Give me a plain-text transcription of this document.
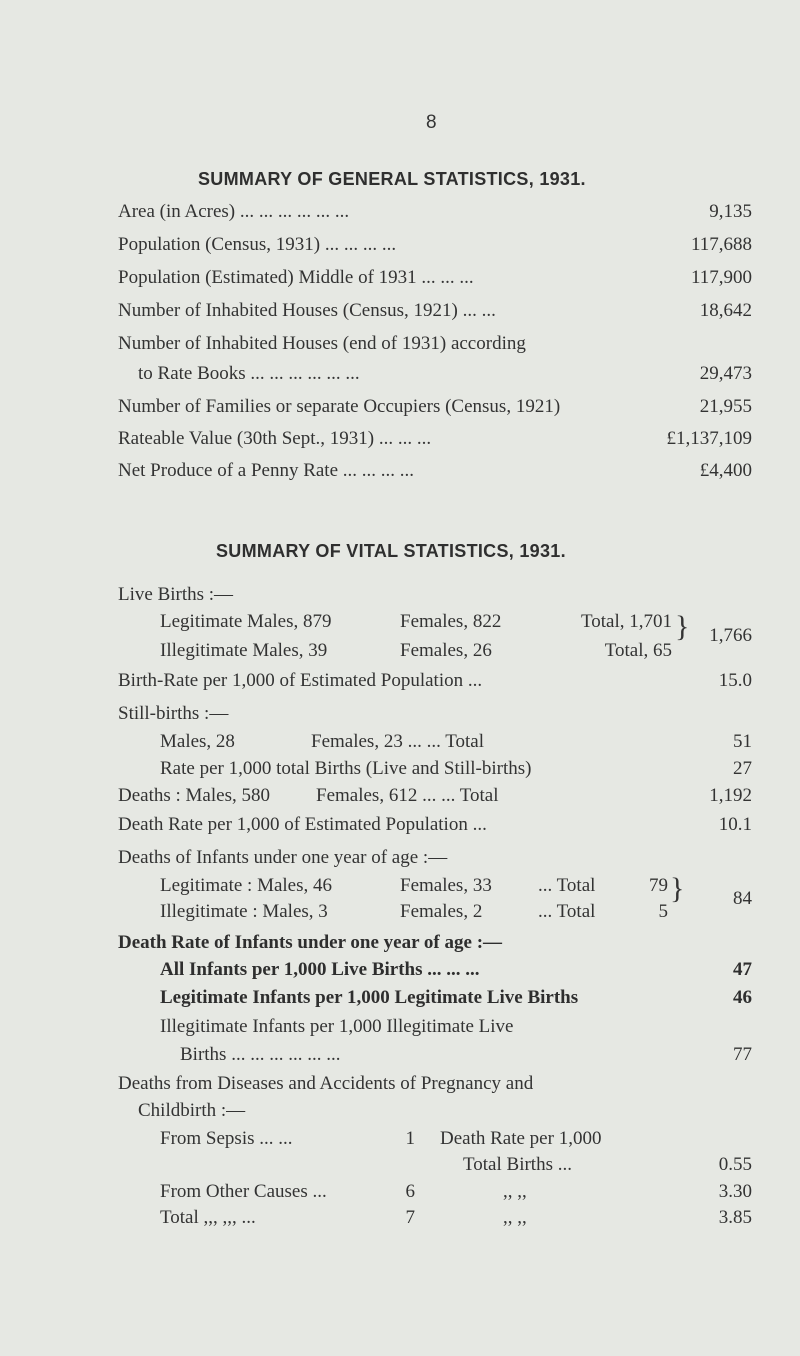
8
SUMMARY OF GENERAL STATISTICS, 1931.
Area (in Acres) ... ... ... ... ... ...	9,135
Population (Census, 1931) ... ... ... ...	117,688
Population (Estimated) Middle of 1931 ... ... ...	117,900
Number of Inhabited Houses (Census, 1921) ... ...	18,642
Number of Inhabited Houses (end of 1931) according
to Rate Books ... ... ... ... ... ...	29,473
Number of Families or separate Occupiers (Census, 1921)	21,955
Rateable Value (30th Sept., 1931) ... ... ...	£1,137,109
Net Produce of a Penny Rate ... ... ... ...	£4,400
SUMMARY OF VITAL STATISTICS, 1931.
Live Births :—
Legitimate Males, 879	Females, 822	Total, 1,701
Illegitimate Males, 39	Females, 26	Total, 65
} 1,766
Birth-Rate per 1,000 of Estimated Population ...	15.0
Still-births :—
Males, 28	Females, 23 ... ... Total	51
Rate per 1,000 total Births (Live and Still-births)	27
Deaths : Males, 580 Females, 612 ... ... Total	1,192
Death Rate per 1,000 of Estimated Population ...	10.1
Deaths of Infants under one year of age :—
Legitimate : Males, 46	Females, 33 ... Total	79
Illegitimate : Males, 3	Females, 2	... Total	5
}	84
Death Rate of Infants under one year of age :—
All Infants per 1,000 Live Births ... ... ...	47
Legitimate Infants per 1,000 Legitimate Live Births	46
Illegitimate Infants per 1,000 Illegitimate Live
Births ... ... ... ... ... ...	77
Deaths from Diseases and Accidents of Pregnancy and
Childbirth :—
From Sepsis ... ...	1 Death Rate per 1,000
Total Births ...	0.55
From Other Causes ...	6	,, ,,	3.30
Total ,,, ,,, ...	7	,, ,,	3.85
